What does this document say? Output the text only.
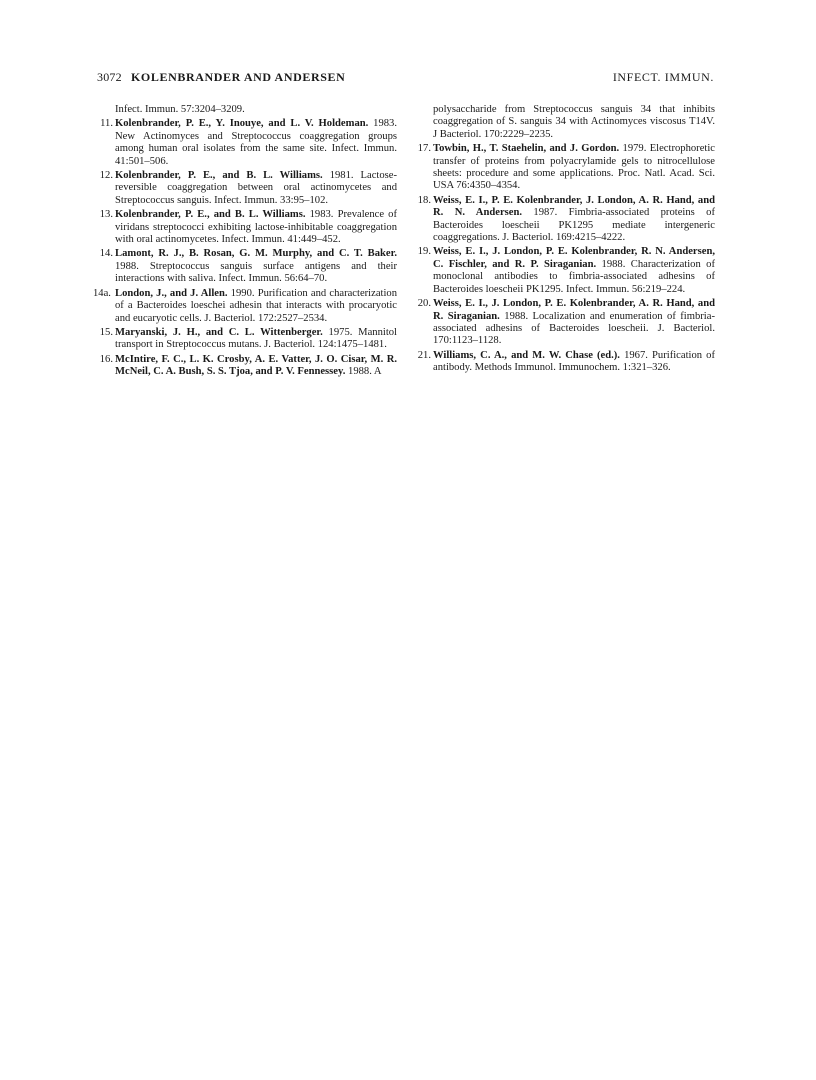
3072 KOLENBRANDER AND ANDERSEN	INFECT. IMMUN.
Infect. Immun. 57:3204–3209.
11. Kolenbrander, P. E., Y. Inouye, and L. V. Holdeman. 1983. New Actinomyces and Streptococcus coaggregation groups among human oral isolates from the same site. Infect. Immun. 41:501–506.
12. Kolenbrander, P. E., and B. L. Williams. 1981. Lactose-reversible coaggregation between oral actinomycetes and Streptococcus sanguis. Infect. Immun. 33:95–102.
13. Kolenbrander, P. E., and B. L. Williams. 1983. Prevalence of viridans streptococci exhibiting lactose-inhibitable coaggregation with oral actinomycetes. Infect. Immun. 41:449–452.
14. Lamont, R. J., B. Rosan, G. M. Murphy, and C. T. Baker. 1988. Streptococcus sanguis surface antigens and their interactions with saliva. Infect. Immun. 56:64–70.
14a. London, J., and J. Allen. 1990. Purification and characterization of a Bacteroides loeschei adhesin that interacts with procaryotic and eucaryotic cells. J. Bacteriol. 172:2527–2534.
15. Maryanski, J. H., and C. L. Wittenberger. 1975. Mannitol transport in Streptococcus mutans. J. Bacteriol. 124:1475–1481.
16. McIntire, F. C., L. K. Crosby, A. E. Vatter, J. O. Cisar, M. R. McNeil, C. A. Bush, S. S. Tjoa, and P. V. Fennessey. 1988. A
polysaccharide from Streptococcus sanguis 34 that inhibits coaggregation of S. sanguis 34 with Actinomyces viscosus T14V. J Bacteriol. 170:2229–2235.
17. Towbin, H., T. Staehelin, and J. Gordon. 1979. Electrophoretic transfer of proteins from polyacrylamide gels to nitrocellulose sheets: procedure and some applications. Proc. Natl. Acad. Sci. USA 76:4350–4354.
18. Weiss, E. I., P. E. Kolenbrander, J. London, A. R. Hand, and R. N. Andersen. 1987. Fimbria-associated proteins of Bacteroides loescheii PK1295 mediate intergeneric coaggregations. J. Bacteriol. 169:4215–4222.
19. Weiss, E. I., J. London, P. E. Kolenbrander, R. N. Andersen, C. Fischler, and R. P. Siraganian. 1988. Characterization of monoclonal antibodies to fimbria-associated adhesins of Bacteroides loescheii PK1295. Infect. Immun. 56:219–224.
20. Weiss, E. I., J. London, P. E. Kolenbrander, A. R. Hand, and R. Siraganian. 1988. Localization and enumeration of fimbria-associated adhesins of Bacteroides loescheii. J. Bacteriol. 170:1123–1128.
21. Williams, C. A., and M. W. Chase (ed.). 1967. Purification of antibody. Methods Immunol. Immunochem. 1:321–326.
